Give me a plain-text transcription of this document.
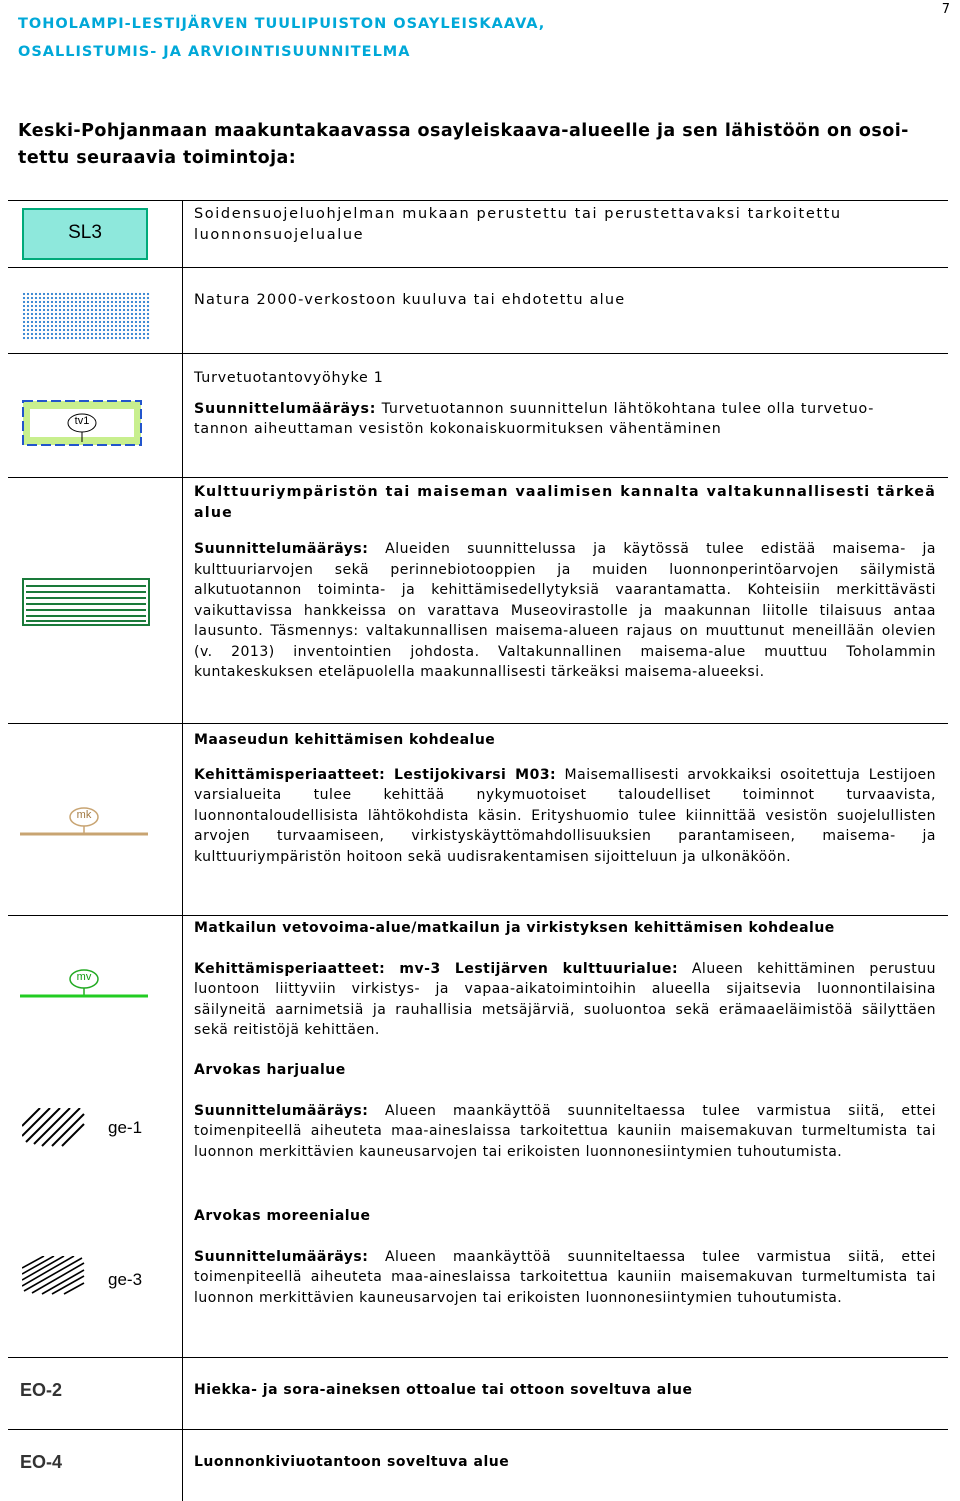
TOHOLAMPI-LESTIJÄRVEN TUULIPUISTON OSAYLEISKAAVA,
OSALLISTUMIS- JA ARVIOINTISUUNNITELMA
7
Keski-Pohjanmaan maakuntakaavassa osayleiskaava-alueelle ja sen lähistöön on osoi-
tettu seuraavia toimintoja:
SL3
Soidensuojeluohjelman mukaan perustettu tai perustettavaksi tarkoitettu
luonnonsuojelualue
Natura 2000-verkostoon kuuluva tai ehdotettu alue
tv1
Turvetuotantovyöhyke 1
Suunnittelumääräys: Turvetuotannon suunnittelun lähtökohtana tulee olla turvetuo-
tannon aiheuttaman vesistön kokonaiskuormituksen vähentäminen

Kulttuuriympäristön tai maiseman vaalimisen kannalta valtakunnallisesti tärkeä alue

Suunnittelumääräys: Alueiden suunnittelussa ja käytössä tulee edistää maisema- ja kulttuuriarvojen sekä perinnebiotooppien ja muiden luonnonperintöarvojen säilymistä alkutuotannon toiminta- ja kehittämisedellytyksiä vaarantamatta. Kohteisiin merkittävästi vaikuttavissa hankkeissa on varattava Museovirastolle ja maakunnan liitolle tilaisuus antaa lausunto. Täsmennys: valtakunnallisen maisema-alueen rajaus on muuttunut meneillään olevien (v. 2013) inventointien johdosta. Valtakunnallinen maisema-alue muuttuu Toholammin kuntakeskuksen eteläpuolella maakunnallisesti tärkeäksi maisema-alueeksi.

mk

Maaseudun kehittämisen kohdealue

Kehittämisperiaatteet: Lestijokivarsi M03: Maisemallisesti arvokkaiksi osoitettuja Lestijoen varsialueita tulee kehittää nykymuotoiset taloudelliset toiminnot turvaavista, luonnontaloudellisista lähtökohdista käsin. Erityshuomio tulee kiinnittää vesistön suojelullisten arvojen turvaamiseen, virkistyskäyttömahdollisuuksien parantamiseen, maisema- ja kulttuuriympäristön hoitoon sekä uudisrakentamisen sijoitteluun ja ulkonäköön.

mv

Matkailun vetovoima-alue/matkailun ja virkistyksen kehittämisen kohdealue

Kehittämisperiaatteet: mv-3 Lestijärven kulttuurialue: Alueen kehittäminen perustuu luontoon liittyviin virkistys- ja vapaa-aikatoimintoihin alueella sijaitsevia luonnontilaisina säilyneitä aarnimetsiä ja rauhallisia metsäjärviä, suoluontoa sekä erämaaeläimistöä säilyttäen sekä reitistöjä kehittäen.

ge-1

Arvokas harjualue

Suunnittelumääräys: Alueen maankäyttöä suunniteltaessa tulee varmistua siitä, ettei toimenpiteellä aiheuteta maa-aineslaissa tarkoitettua kauniin maisemakuvan turmeltumista tai luonnon merkittävien kauneusarvojen tai erikoisten luonnonesiintymien tuhoutumista.

ge-3

Arvokas moreenialue

Suunnittelumääräys: Alueen maankäyttöä suunniteltaessa tulee varmistua siitä, ettei toimenpiteellä aiheuteta maa-aineslaissa tarkoitettua kauniin maisemakuvan turmeltumista tai luonnon merkittävien kauneusarvojen tai erikoisten luonnonesiintymien tuhoutumista.

EO-2	Hiekka- ja sora-aineksen ottoalue tai ottoon soveltuva alue

EO-4	Luonnonkiviuotantoon soveltuva alue
